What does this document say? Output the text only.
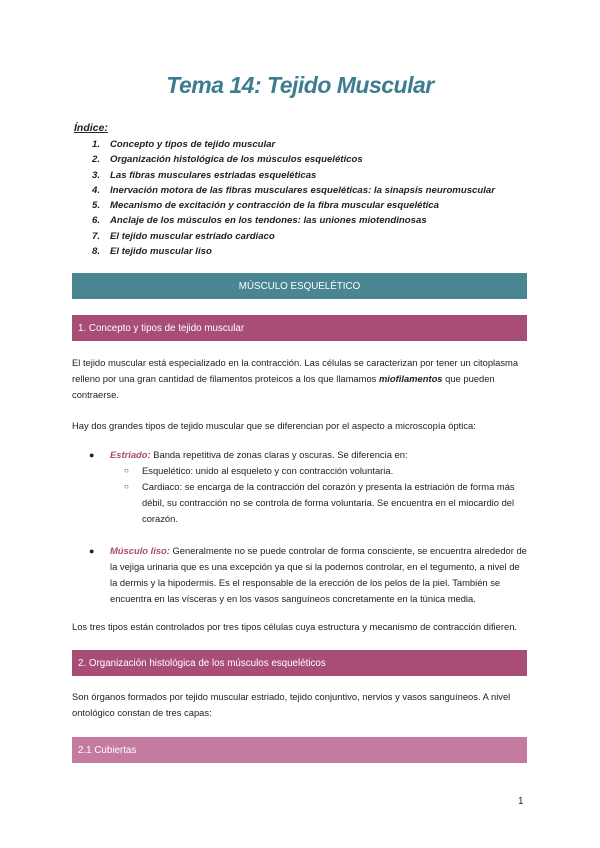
Tema 14: Tejido Muscular
Índice:
1.	Concepto y tipos de tejido muscular
2.	Organización histológica de los músculos esqueléticos
3.	Las fibras musculares estriadas esqueléticas
4.	Inervación motora de las fibras musculares esqueléticas: la sinapsis neuromuscular
5.	Mecanismo de excitación y contracción de la fibra muscular esquelética
6.	Anclaje de los músculos en los tendones: las uniones miotendinosas
7.	El tejido muscular estriado cardiaco
8.	El tejido muscular liso
MÚSCULO ESQUELÉTICO
1. Concepto y tipos de tejido muscular
El tejido muscular está especializado en la contracción. Las células se caracterizan por tener un citoplasma relleno por una gran cantidad de filamentos proteicos a los que llamamos miofilamentos que pueden contraerse.
Hay dos grandes tipos de tejido muscular que se diferencian por el aspecto a microscopía óptica:
● Estriado: Banda repetitiva de zonas claras y oscuras. Se diferencia en:
○ Esquelético: unido al esqueleto y con contracción voluntaria.
○ Cardiaco: se encarga de la contracción del corazón y presenta la estriación de forma más débil, su contracción no se controla de forma voluntaria. Se encuentra en el miocardio del corazón.
● Músculo liso: Generalmente no se puede controlar de forma consciente, se encuentra alrededor de la vejiga urinaria que es una excepción ya que si la podemos controlar, en el tegumento, a nivel de la dermis y la hipodermis. Es el responsable de la erección de los pelos de la piel. También se encuentra en las vísceras y en los vasos sanguíneos concretamente en la túnica media.
Los tres tipos están controlados por tres tipos células cuya estructura y mecanismo de contracción difieren.
2. Organización histológica de los músculos esqueléticos
Son órganos formados por tejido muscular estriado, tejido conjuntivo, nervios y vasos sanguíneos. A nivel ontológico constan de tres capas:
2.1 Cubiertas
1
